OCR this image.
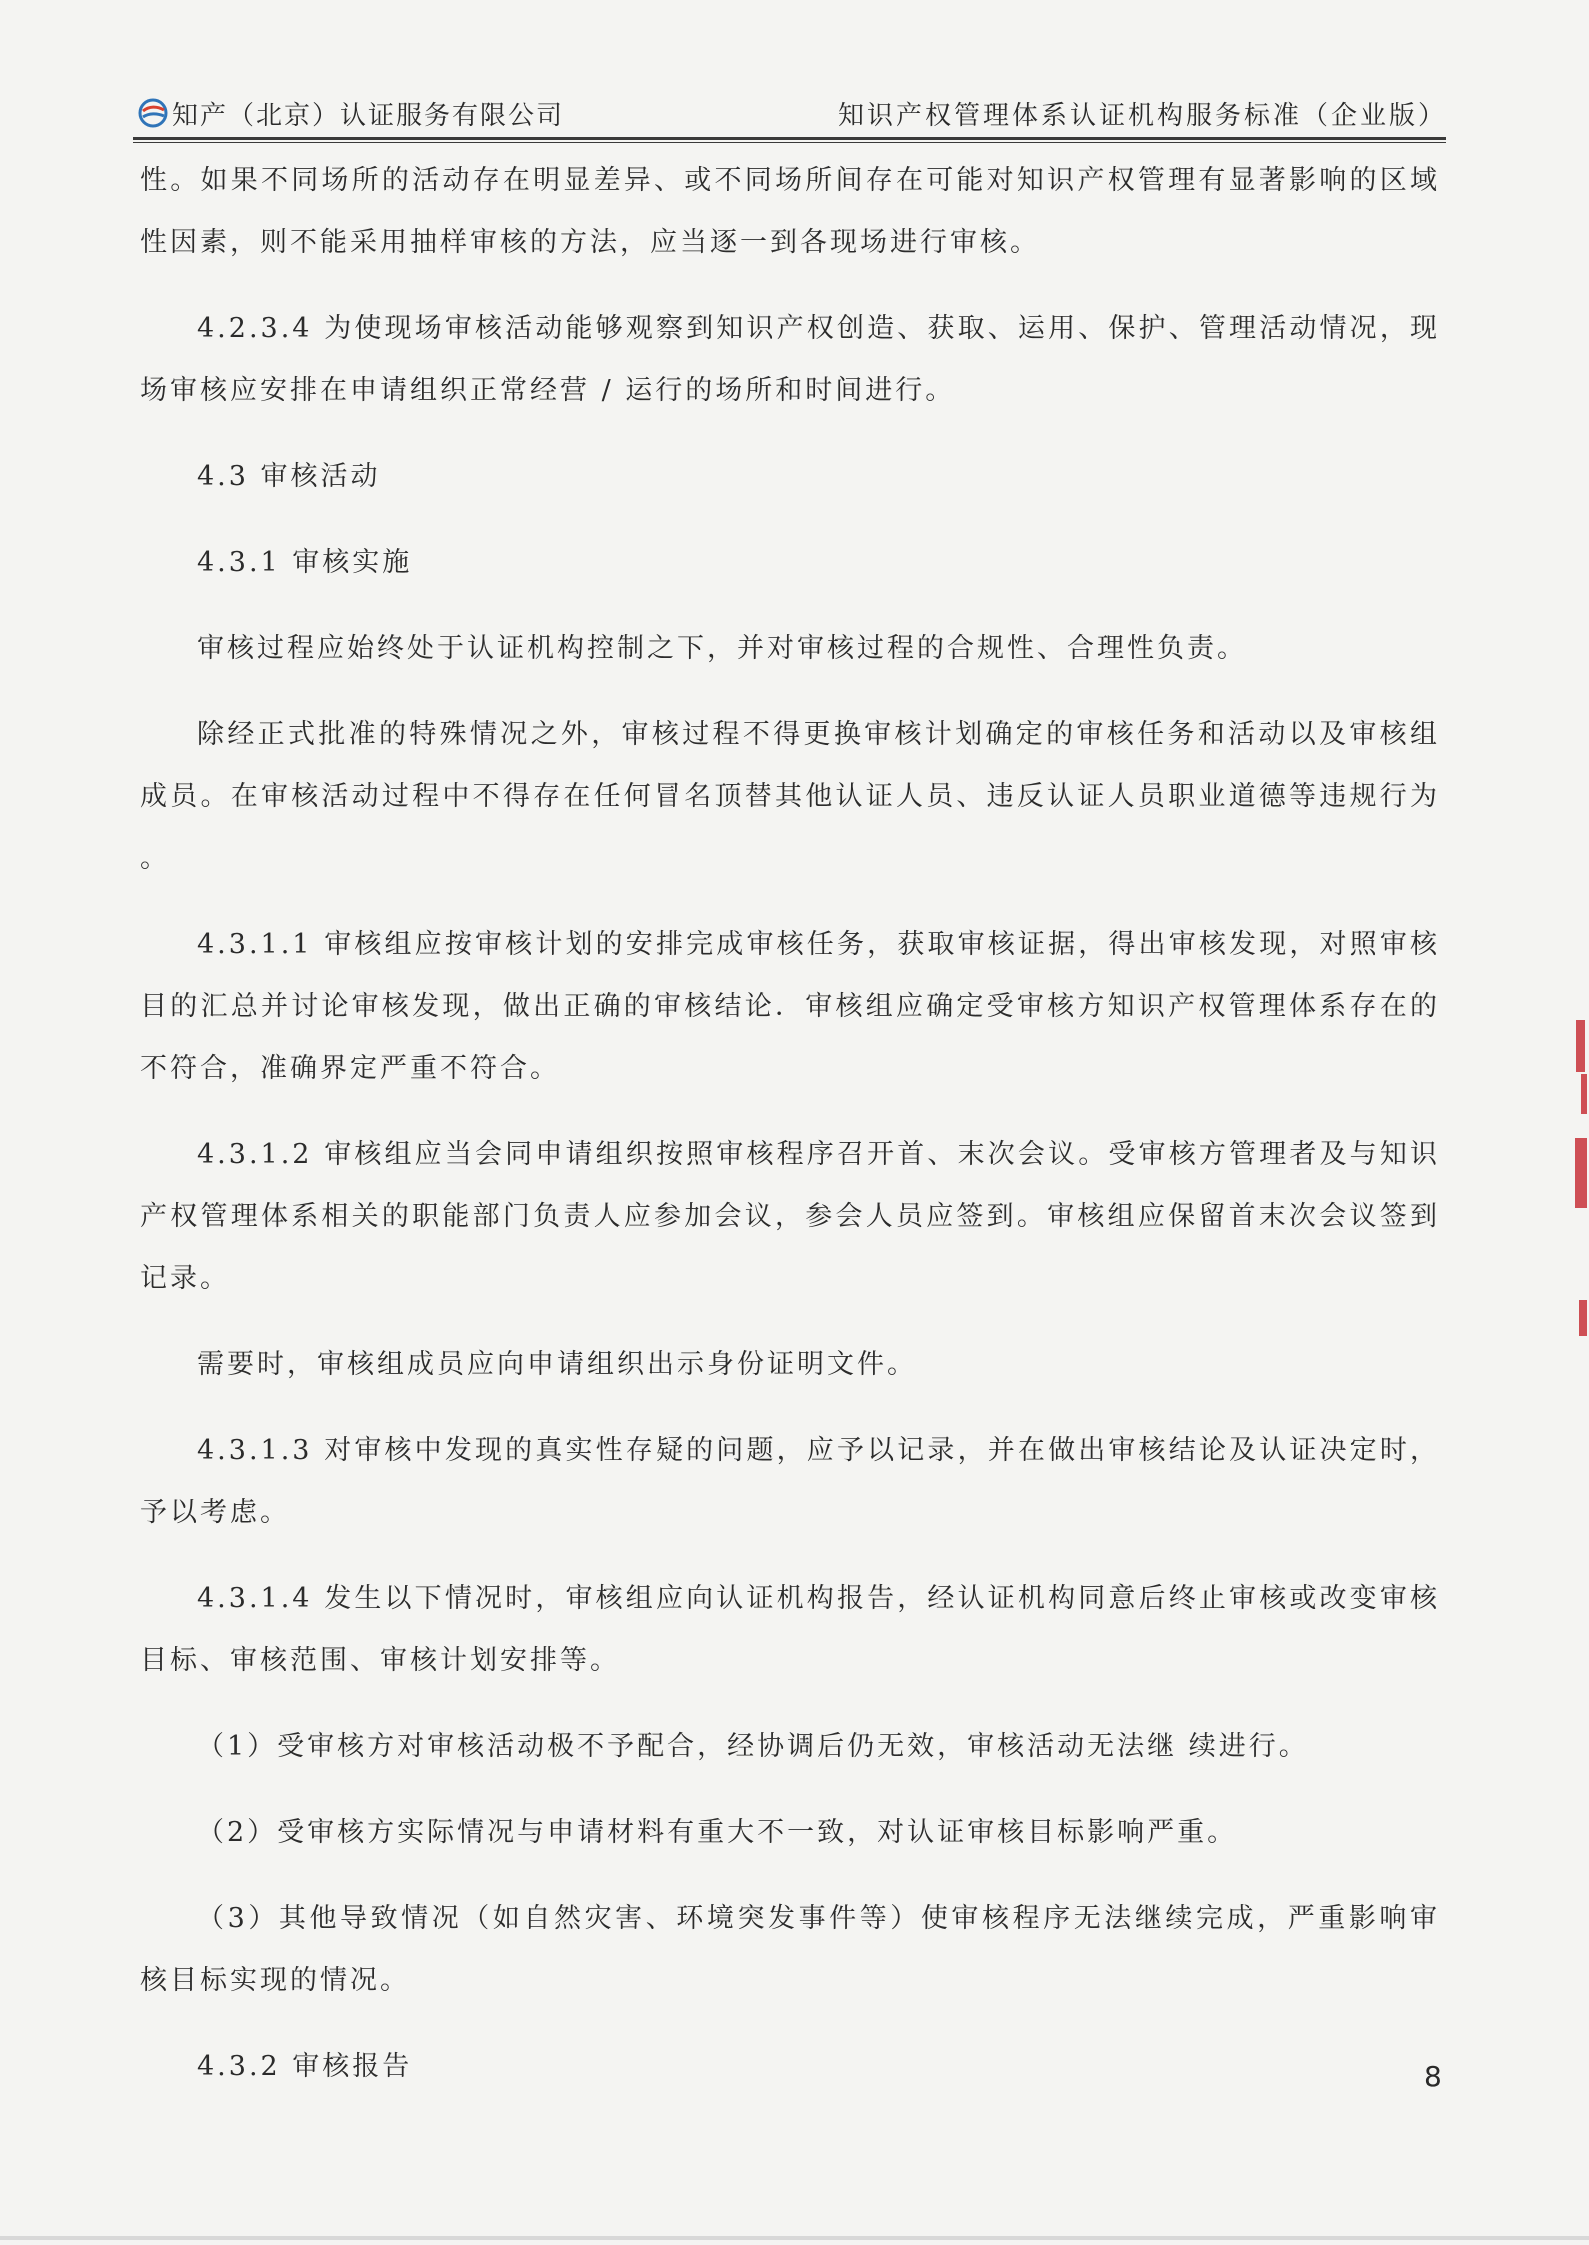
知产（北京）认证服务有限公司	知识产权管理体系认证机构服务标准（企业版）

性。如果不同场所的活动存在明显差异、或不同场所间存在可能对知识产权管理有显著影响的区域性因素，则不能采用抽样审核的方法，应当逐一到各现场进行审核。

4.2.3.4 为使现场审核活动能够观察到知识产权创造、获取、运用、保护、管理活动情况，现场审核应安排在申请组织正常经营 / 运行的场所和时间进行。

4.3 审核活动

4.3.1 审核实施

审核过程应始终处于认证机构控制之下，并对审核过程的合规性、合理性负责。

除经正式批准的特殊情况之外，审核过程不得更换审核计划确定的审核任务和活动以及审核组成员。在审核活动过程中不得存在任何冒名顶替其他认证人员、违反认证人员职业道德等违规行为 。

4.3.1.1 审核组应按审核计划的安排完成审核任务，获取审核证据，得出审核发现，对照审核目的汇总并讨论审核发现，做出正确的审核结论．审核组应确定受审核方知识产权管理体系存在的不符合，准确界定严重不符合。

4.3.1.2 审核组应当会同申请组织按照审核程序召开首、末次会议。受审核方管理者及与知识产权管理体系相关的职能部门负责人应参加会议，参会人员应签到。审核组应保留首末次会议签到记录。

需要时，审核组成员应向申请组织出示身份证明文件。

4.3.1.3 对审核中发现的真实性存疑的问题，应予以记录，并在做出审核结论及认证决定时，予以考虑。

4.3.1.4 发生以下情况时，审核组应向认证机构报告，经认证机构同意后终止审核或改变审核目标、审核范围、审核计划安排等。

（1）受审核方对审核活动极不予配合，经协调后仍无效，审核活动无法继 续进行。

（2）受审核方实际情况与申请材料有重大不一致，对认证审核目标影响严重。

（3）其他导致情况（如自然灾害、环境突发事件等）使审核程序无法继续完成，严重影响审核目标实现的情况。

4.3.2 审核报告	8
